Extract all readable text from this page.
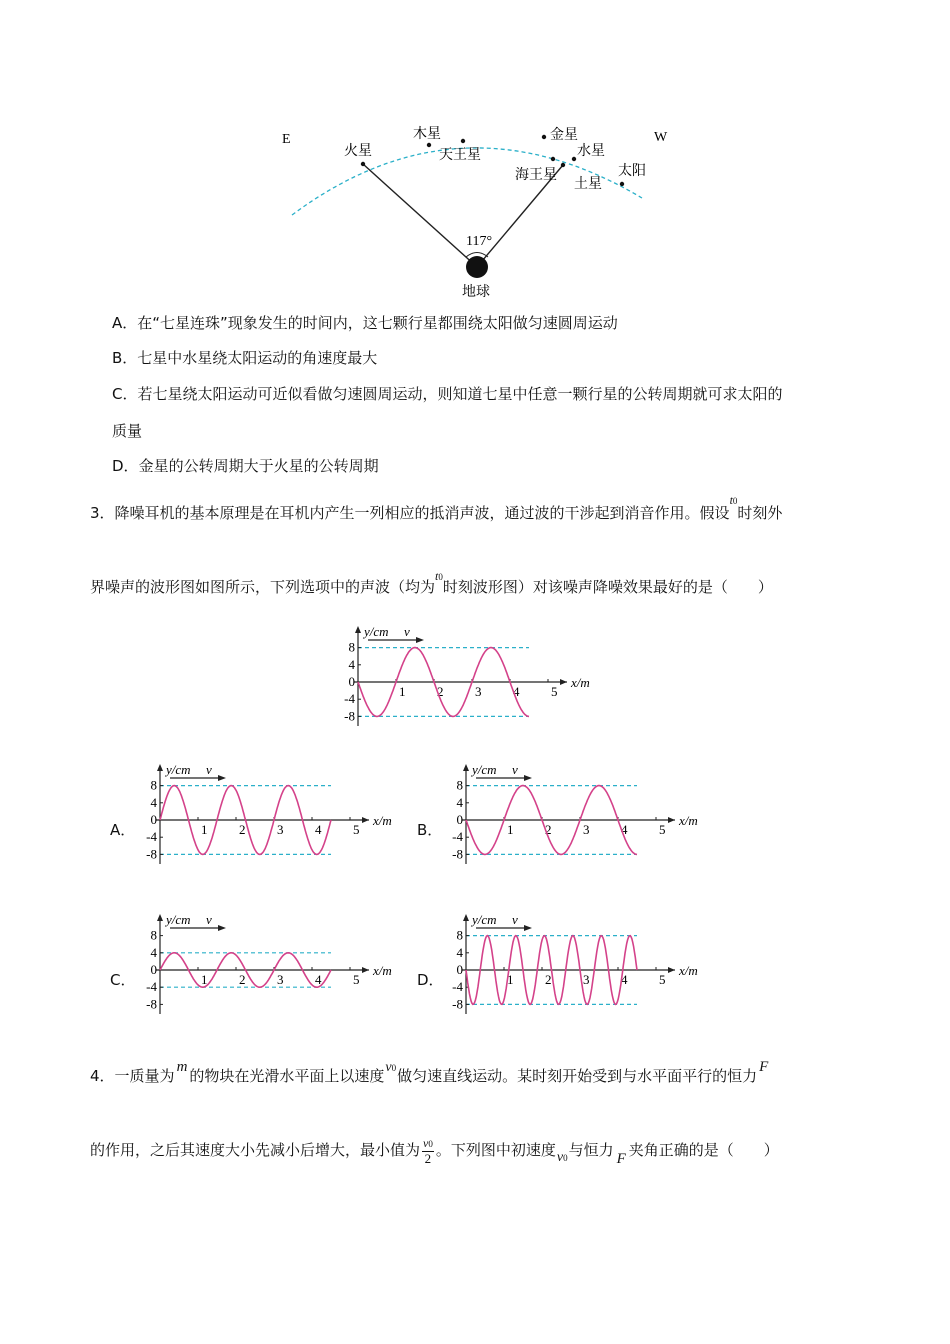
E	W
117°
火星
木星
天王星
金星
水星
海王星
土星
太阳
地球
A．在“七星连珠”现象发生的时间内，这七颗行星都围绕太阳做匀速圆周运动
B．七星中水星绕太阳运动的角速度最大
C．若七星绕太阳运动可近似看做匀速圆周运动，则知道七星中任意一颗行星的公转周期就可求太阳的
质量
D．金星的公转周期大于火星的公转周期
3．降噪耳机的基本原理是在耳机内产生一列相应的抵消声波，通过波的干涉起到消音作用。假设$^{t0}$时刻外
界噪声的波形图如图所示，下列选项中的声波（均为$^{t0}$时刻波形图）对该噪声降噪效果最好的是（　　）
8
4
0
-4
-8
1 2 3 4 5
y/cm
x/m
v
A．
8
4
0
-4
-8
1 2 3 4 5
y/cm
x/m
v
B．
8
4
0
-4
-8
1 2 3 4 5
y/cm
x/m
v
C．
8
4
0
-4
-8
1 2 3 4 5
y/cm
x/m
v
D．
8
4
0
-4
-8
1 2 3 4 5
y/cm
x/m
v
4．一质量为 m 的物块在光滑水平面上以速度v0做匀速直线运动。某时刻开始受到与水平面平行的恒力 F
的作用，之后其速度大小先减小后增大，最小值为 $\frac{v0}{2}$ 。下列图中初速度v0与恒力 F 夹角正确的是（　　）
